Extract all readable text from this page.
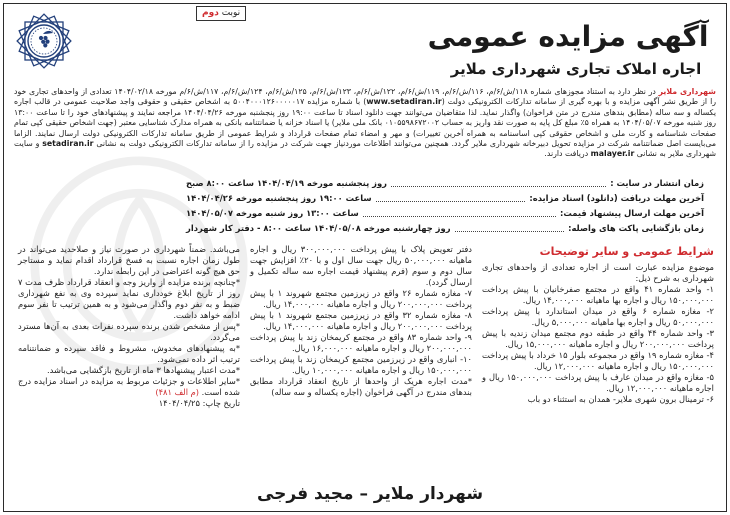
نوبت دوم
آگهی مزایده عمومی
اجاره املاک تجاری شهرداری ملایر
شهرداری ملایر در نظر دارد به استناد مجوزهای شماره ۱۱۸/ش/۶/م، ۱۱۶/ش/۶/م، ۱۱۹/ش/۶/م، ۱۲۲/ش/۶/م، ۱۲۳/ش/۶/م، ۱۲۵/ش/۶/م، ۱۲۴/ش/۶/م، ۱۱۷/ش/۶/م مورخه ۱۴۰۴/۰۲/۱۸ تعدادی از واحدهای تجاری خود را از طریق نشر آگهی مزایده و با بهره گیری از سامانه تدارکات الکترونیکی دولت (www.setadiran.ir) با شماره مزایده ۵۰۰۴۰۰۰۱۲۶۰۰۰۰۰۱۷ به اشخاص حقیقی و حقوقی واجد صلاحیت عمومی در قالب اجاره یکساله و سه ساله (مطابق بندهای مندرج در متن فراخوان) واگذار نماید. لذا متقاضیان می‌توانند جهت دانلود اسناد تا ساعت ۱۹:۰۰ روز پنجشنبه مورخه ۱۴۰۴/۰۴/۲۶ مراجعه نمایند و پیشنهادهای خود را تا ساعت ۱۳:۰۰ روز شنبه مورخه ۱۴۰۴/۰۵/۰۷ به همراه ۵٪ مبلغ کل پایه به صورت نقد واریز به حساب ۰۱۰۵۵۹۸۶۷۲۰۰۲ بانک ملی ملایر) یا اسناد خزانه یا ضمانتنامه بانکی به همراه مدارک شناسایی معتبر (جهت اشخاص حقیقی کپی تمام صفحات شناسنامه و کارت ملی و اشخاص حقوقی کپی اساسنامه به همراه آخرین تغییرات) و مهر و امضاء تمام صفحات قرارداد و شرایط عمومی از طریق سامانه تدارکات الکترونیکی دولت ارسال نمایند. الزاما می‌بایست اصل ضمانتنامه شرکت در مزایده تحویل دبیرخانه شهرداری ملایر گردد. همچنین می‌توانند اطلاعات موردنیاز جهت شرکت در مزایده را از سامانه تدارکات الکترونیکی دولت به نشانی setadiran.ir و سایت شهرداری ملایر به نشانی malayer.ir دریافت دارند.
زمان انتشار در سایت :
روز پنجشنبه مورخه ۱۴۰۴/۰۴/۱۹ ساعت ۸:۰۰ صبح
آخرین مهلت دریافت (دانلود) اسناد مزایده:
ساعت ۱۹:۰۰ روز پنجشنبه مورخه ۱۴۰۴/۰۴/۲۶
آخرین مهلت ارسال پیشنهاد قیمت:
ساعت ۱۳:۰۰ روز شنبه مورخه ۱۴۰۴/۰۵/۰۷
زمان بازگشایی پاکت های واصله:
روز چهارشنبه مورخه ۱۴۰۴/۰۵/۰۸ ساعت ۸:۰۰ - دفتر کار شهردار

شرایط عمومی و سایر توضیحات

موضوع مزایده عبارت است از اجاره تعدادی از واحدهای تجاری شهرداری به شرح ذیل:

۱- واحد شماره ۴۱ واقع در مجتمع صفرخانیان با پیش پرداخت ۱۵۰,۰۰۰,۰۰۰ ریال و اجاره بها ماهیانه ۱۴,۰۰۰,۰۰۰ ریال.

۲- مغازه شماره ۶ واقع در میدان استاندارد با پیش پرداخت ۵۰,۰۰۰,۰۰۰ ریال و اجاره بها ماهیانه ۵,۰۰۰,۰۰۰ ریال.

۳- واحد شماره ۴۴ واقع در طبقه دوم مجتمع میدان زندیه با پیش پرداخت ۲۰۰,۰۰۰,۰۰۰ ریال و اجاره ماهیانه ۱۵,۰۰۰,۰۰۰ ریال.

۴- مغازه شماره ۱۹ واقع در مجموعه بلوار ۱۵ خرداد با پیش پرداخت ۱۵۰,۰۰۰,۰۰۰ ریال و اجاره ماهیانه ۱۲,۰۰۰,۰۰۰ ریال.

۵- مغازه واقع در میدان عارف با پیش پرداخت ۱۵۰,۰۰۰,۰۰۰ ریال و اجاره ماهیانه ۱۲,۰۰۰,۰۰۰ ریال.

۶- ترمینال برون شهری ملایر- همدان به استثناء دو باب

دفتر تعویض پلاک با پیش پرداخت ۳۰۰,۰۰۰,۰۰۰ ریال و اجاره ماهیانه ۵۰,۰۰۰,۰۰۰ ریال جهت سال اول و با ۲۰٪ افزایش جهت سال دوم و سوم (فرم پیشنهاد قیمت اجاره سه ساله تکمیل و ارسال گردد).

۷- مغازه شماره ۲۶ واقع در زیرزمین مجتمع شهروند ۱ با پیش پرداخت ۲۰۰,۰۰۰,۰۰۰ ریال و اجاره ماهیانه ۱۴,۰۰۰,۰۰۰ ریال.

۸- مغازه شماره ۳۲ واقع در زیرزمین مجتمع شهروند ۱ با پیش پرداخت ۲۰۰,۰۰۰,۰۰۰ ریال و اجاره ماهیانه ۱۴,۰۰۰,۰۰۰ ریال.

۹- واحد شماره ۸۳ واقع در مجتمع کریمخان زند با پیش پرداخت ۲۰۰,۰۰۰,۰۰۰ ریال و اجاره ماهیانه ۱۶,۰۰۰,۰۰۰ ریال.

۱۰- انباری واقع در زیرزمین مجتمع کریمخان زند با پیش پرداخت ۱۵۰,۰۰۰,۰۰۰ ریال و اجاره ماهیانه ۱۰,۰۰۰,۰۰۰ ریال.

*مدت اجاره هریک از واحدها از تاریخ انعقاد قرارداد مطابق بندهای مندرج در آگهی فراخوان (اجاره یکساله و سه ساله)

می‌باشد. ضمناً شهرداری در صورت نیاز و صلاحدید می‌تواند در طول زمان اجاره نسبت به فسخ قرارداد اقدام نماید و مستاجر حق هیچ گونه اعتراضی در این رابطه ندارد.

*چنانچه برنده مزایده از واریز وجه و انعقاد قرارداد ظرف مدت ۷ روز از تاریخ ابلاغ خودداری نماید سپرده وی به نفع شهرداری ضبط و به نفر دوم واگذار می‌شود و به همین ترتیب تا نفر سوم ادامه خواهد داشت.

*پس از مشخص شدن برنده سپرده نفرات بعدی به آن‌ها مسترد می‌گردد.

*به پیشنهادهای مخدوش، مشروط و فاقد سپرده و ضمانتنامه ترتیب اثر داده نمی‌شود.

*مدت اعتبار پیشنهادها ۳ ماه از تاریخ بازگشایی می‌باشد.

*سایر اطلاعات و جزئیات مربوط به مزایده در اسناد مزایده درج شده است. (م الف ۴۸۱)

تاریخ چاپ: ۱۴۰۴/۰۴/۲۵

شهردار ملایر – مجید فرجی
